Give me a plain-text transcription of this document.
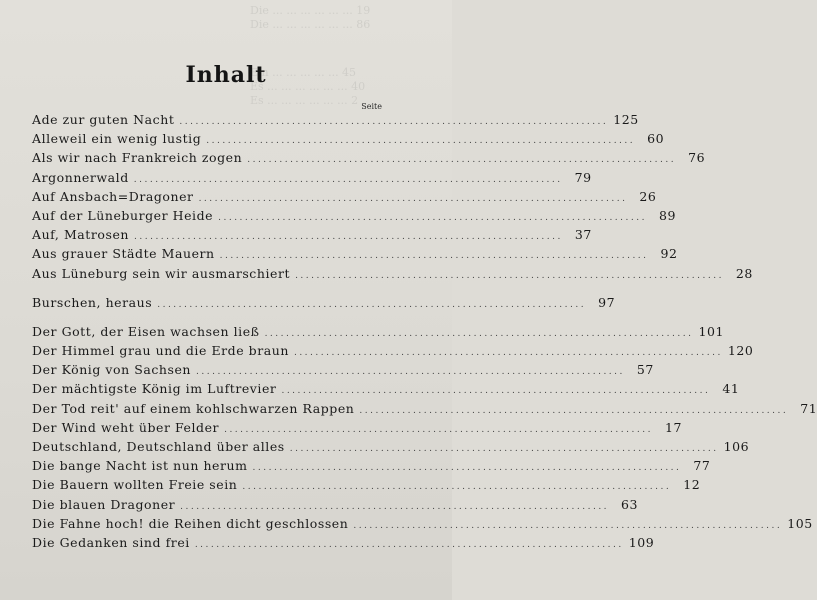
Die ... ... ... ... ... ... 19
Die ... ... ... ... ... ... 86
Ein ... ... ... ... ... 45
Es ... ... ... ... ... ... 40
Es ... ... ... ... ... ... 2
Inhalt
Seite
Ade zur guten Nacht ................................................................................ 125
Alleweil ein wenig lustig ................................................................................ 60
Als wir nach Frankreich zogen ................................................................................ 76
Argonnerwald ................................................................................ 79
Auf Ansbach=Dragoner ................................................................................ 26
Auf der Lüneburger Heide ................................................................................ 89
Auf, Matrosen ................................................................................ 37
Aus grauer Städte Mauern ................................................................................ 92
Aus Lüneburg sein wir ausmarschiert ................................................................................ 28
Burschen, heraus ................................................................................ 97
Der Gott, der Eisen wachsen ließ ................................................................................ 101
Der Himmel grau und die Erde braun ................................................................................ 120
Der König von Sachsen ................................................................................ 57
Der mächtigste König im Luftrevier ................................................................................ 41
Der Tod reit' auf einem kohlschwarzen Rappen ................................................................................ 71
Der Wind weht über Felder ................................................................................ 17
Deutschland, Deutschland über alles ................................................................................ 106
Die bange Nacht ist nun herum ................................................................................ 77
Die Bauern wollten Freie sein ................................................................................ 12
Die blauen Dragoner ................................................................................ 63
Die Fahne hoch! die Reihen dicht geschlossen ................................................................................ 105
Die Gedanken sind frei ................................................................................ 109
